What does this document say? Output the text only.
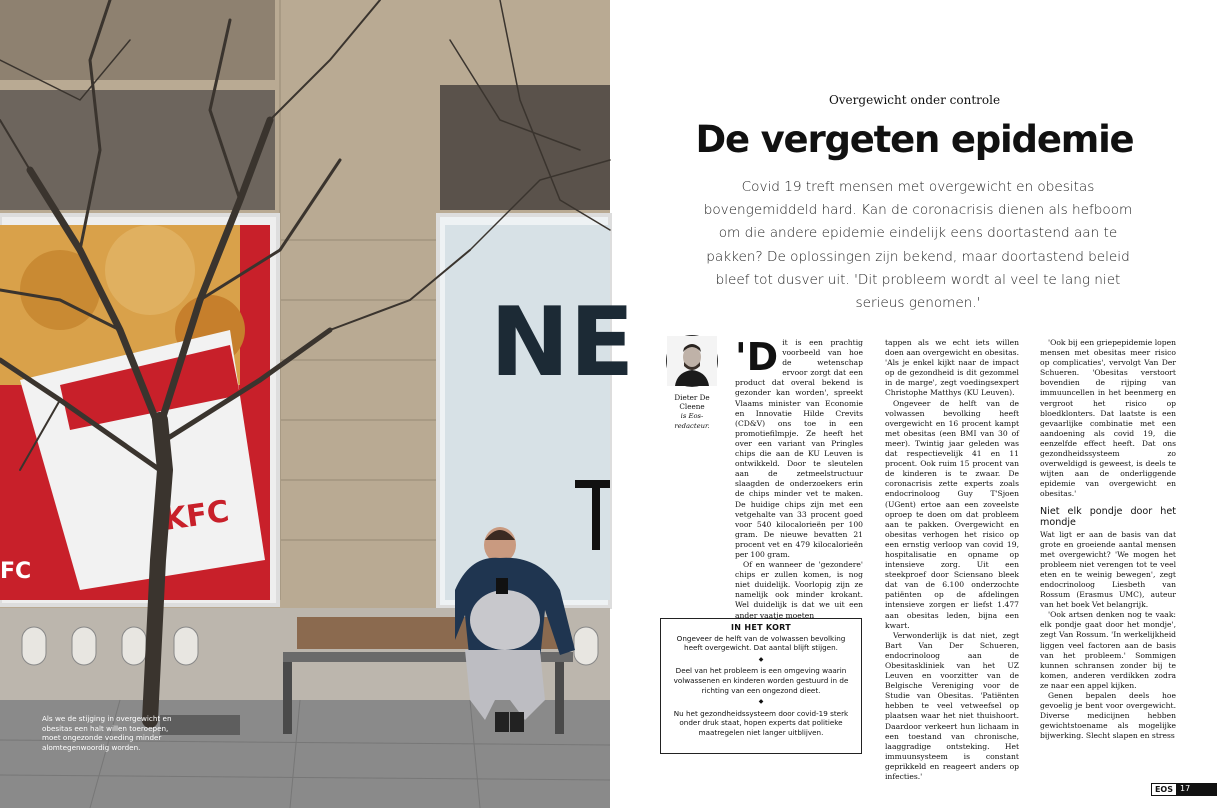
KFC
FC
NE
Als we de stijging in overgewicht en obesitas een halt willen toeroepen, moet ongezonde voeding minder alomtegenwoordig worden.
Overgewicht onder controle
De vergeten epidemie
Covid 19 treft mensen met overgewicht en obesitas bovengemiddeld hard. Kan de coronacrisis dienen als hefboom om die andere epidemie eindelijk eens doortastend aan te pakken? De oplossingen zijn bekend, maar doortastend beleid bleef tot dusver uit. 'Dit probleem wordt al veel te lang niet serieus genomen.'
Dieter De Cleene
is Eos-redacteur.
'D it is een prachtig voorbeeld van hoe de wetenschap ervoor zorgt dat een product dat overal bekend is gezonder kan worden', spreekt Vlaams minister van Economie en Innovatie Hilde Crevits (CD&V) ons toe in een promotiefilmpje. Ze heeft het over een variant van Pringles chips die aan de KU Leuven is ontwikkeld. Door te sleutelen aan de zetmeelstructuur slaagden de onderzoekers erin de chips minder vet te maken. De huidige chips zijn met een vetgehalte van 33 procent goed voor 540 kilocalorieën per 100 gram. De nieuwe bevatten 21 procent vet en 479 kilocalorieën per 100 gram.

Of en wanneer de 'gezondere' chips er zullen komen, is nog niet duidelijk. Voorlopig zijn ze namelijk ook minder krokant. Wel duidelijk is dat we uit een ander vaatje moeten

tappen als we echt iets willen doen aan overgewicht en obesitas. 'Als je enkel kijkt naar de impact op de gezondheid is dit gezommel in de marge', zegt voedingsexpert Christophe Matthys (KU Leuven).

Ongeveer de helft van de volwassen bevolking heeft overgewicht en 16 procent kampt met obesitas (een BMI van 30 of meer). Twintig jaar geleden was dat respectievelijk 41 en 11 procent. Ook ruim 15 procent van de kinderen is te zwaar. De coronacrisis zette experts zoals endocrinoloog Guy T'Sjoen (UGent) ertoe aan een zoveelste oproep te doen om dat probleem aan te pakken. Overgewicht en obesitas verhogen het risico op een ernstig verloop van covid 19, hospitalisatie en opname op intensieve zorg. Uit een steekproef door Sciensano bleek dat van de 6.100 onderzochte patiënten op de afdelingen intensieve zorgen er liefst 1.477 aan obesitas leden, bijna een kwart.

Verwonderlijk is dat niet, zegt Bart Van Der Schueren, endocrinoloog aan de Obesitaskliniek van het UZ Leuven en voorzitter van de Belgische Vereniging voor de Studie van Obesitas. 'Patiënten hebben te veel vetweefsel op plaatsen waar het niet thuishoort. Daardoor verkeert hun lichaam in een toestand van chronische, laaggradige ontsteking. Het immuunsysteem is constant geprikkeld en reageert anders op infecties.'

'Ook bij een griepepidemie lopen mensen met obesitas meer risico op complicaties', vervolgt Van Der Schueren. 'Obesitas verstoort bovendien de rijping van immuuncellen in het beenmerg en vergroot het risico op bloedklonters. Dat laatste is een gevaarlijke combinatie met een aandoening als covid 19, die eenzelfde effect heeft. Dat ons gezondheidssysteem zo overweldigd is geweest, is deels te wijten aan de onderliggende epidemie van overgewicht en obesitas.'

Niet elk pondje door het mondje

Wat ligt er aan de basis van dat grote en groeiende aantal mensen met overgewicht? 'We mogen het probleem niet verengen tot te veel eten en te weinig bewegen', zegt endocrinoloog Liesbeth van Rossum (Erasmus UMC), auteur van het boek Vet belangrijk.

'Ook artsen denken nog te vaak: elk pondje gaat door het mondje', zegt Van Rossum. 'In werkelijkheid liggen veel factoren aan de basis van het probleem.' Sommigen kunnen schransen zonder bij te komen, anderen verdikken zodra ze naar een appel kijken.

Genen bepalen deels hoe gevoelig je bent voor overgewicht. Diverse medicijnen hebben gewichtstoename als mogelijke bijwerking. Slecht slapen en stress

IN HET KORT

Ongeveer de helft van de volwassen bevolking heeft overgewicht. Dat aantal blijft stijgen.

◆

Deel van het probleem is een omgeving waarin volwassenen en kinderen worden gestuurd in de richting van een ongezond dieet.

◆

Nu het gezondheidssysteem door covid-19 sterk onder druk staat, hopen experts dat politieke maatregelen niet langer uitblijven.

EOS 17
